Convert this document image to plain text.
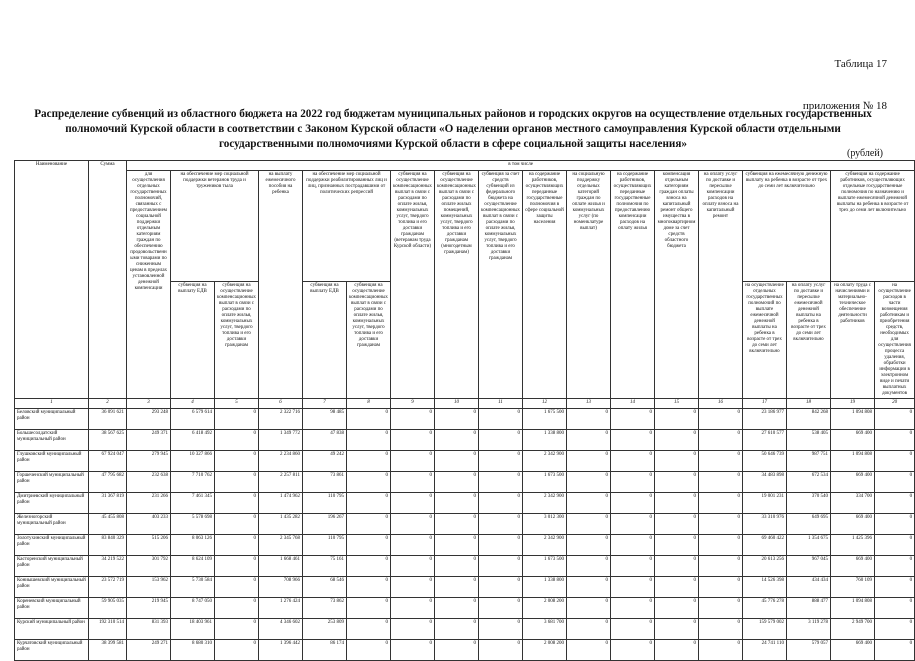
Таблица 17
приложения № 18
Распределение субвенций из областного бюджета на 2022 год бюджетам муниципальных районов и городских округов на осуществление отдельных государственных полномочий Курской области в соответствии с Законом Курской области «О наделении органов местного самоуправления Курской области отдельными государственными полномочиями Курской области в сфере социальной защиты населения»
(рублей)
Наименование	Сумма	в том числе																	
		для осуществления отдельных государственных полномочий, связанных с предоставлением социальной поддержки отдельным категориям граждан по обеспечению продовольственными товарами по сниженным ценам в пределах установленной денежной компенсации	на обеспечение мер социальной поддержки ветеранов труда и тружеников тыла		на выплату ежемесячного пособия на ребенка	на обеспечение мер социальной поддержки реабилитированных лиц и лиц, признанных пострадавшими от политических репрессий		субвенция на осуществление компенсационных выплат в связи с расходами по оплате жилья, коммунальных услуг, твердого топлива и его доставки гражданам (ветеранам труда Курской области)	субвенция на осуществление компенсационных выплат в связи с расходами по оплате жилых помещений, коммунальных услуг, твердого топлива и его доставки гражданам (многодетным гражданам)	субвенция за счет средств субвенций из федерального бюджета на осуществление компенсационных выплат в связи с расходами по оплате жилья, коммунальных услуг, твердого топлива и его доставки гражданам	на содержание работников, осуществляющих переданные государственные полномочия в сфере социальной защиты населения	на социальную поддержку отдельных категорий граждан по оплате жилья и коммунальных услуг (по номенклатуре выплат)	на содержание работников, осуществляющих переданные государственные полномочия по предоставлению компенсации расходов на оплату жилья	компенсация отдельным категориям граждан оплаты взноса на капитальный ремонт общего имущества в многоквартирном доме за счет средств областного бюджета	на оплату услуг по доставке и пересылке компенсации расходов на оплату взноса на капитальный ремонт	субвенция на ежемесячную денежную выплату на ребенка в возрасте от трех до семи лет включительно		субвенция на содержание работников, осуществляющих отдельные государственные полномочия по назначению и выплате ежемесячной денежной выплаты на ребенка в возрасте от трех до семи лет включительно	
			субвенция на выплату ЕДВ	субвенция на осуществление компенсационных выплат в связи с расходами по оплате жилья, коммунальных услуг, твердого топлива и его доставки гражданам		субвенция на выплату ЕДВ	субвенция на осуществление компенсационных выплат в связи с расходами по оплате жилья, коммунальных услуг, твердого топлива и его доставки гражданам									на осуществление отдельных государственных полномочий по выплате ежемесячной денежной выплаты на ребенка в возрасте от трех до семи лет включительно	на оплату услуг по доставке и пересылке ежемесячной денежной выплаты на ребенка в возрасте от трех до семи лет включительно	на оплату труда с начислениями и материально-техническое обеспечение деятельности работников	на осуществление расходов в части возмещения работникам и приобретения средств, необходимых для осуществления процесса удаления, обработки информации в электронном виде и печати выплатных документов
1	2	3	4	5	6	7	8	9	10	11	12	13	14	15	16	17	18	19	20
Беловский муниципальный район	36 091 621	293 248	6 579 614	0	2 322 716	98 485	0	0	0	0	1 675 500	0	0	0	0	23 186 977	842 268	1 094 808	0
Большесолдатский муниципальный район	38 567 625	249 371	6 418 492	0	1 349 772	47 838	0	0	0	0	1 338 800	0	0	0	0	27 610 577	538 405	669 400	0
Глушковский муниципальный район	67 924 047	279 945	10 327 866	0	2 234 860	49 242	0	0	0	0	2 342 900	0	0	0	0	50 646 739	987 751	1 094 808	0
Горшеченский муниципальный район	47 795 682	232 638	7 710 762	0	2 257 811	73 861	0	0	0	0	1 673 500	0	0	0	0	34 483 898	672 534	669 400	0
Дмитриевский муниципальный район	31 367 819	231 266	7 461 345	0	1 474 962	110 795	0	0	0	0	2 342 900	0	0	0	0	19 001 231	370 540	334 700	0
Железногорский муниципальный район	45 455 808	403 233	5 578 698	0	1 435 282	196 267	0	0	0	0	3 012 300	0	0	0	0	33 310 976	649 695	669 400	0
Золотухинский муниципальный район	83 840 329	515 206	8 063 126	0	2 345 768	110 795	0	0	0	0	2 342 900	0	0	0	0	69 460 422	1 354 675	1 425 396	0
Касторенский муниципальный район	34 219 522	301 792	8 624 109	0	1 668 461	75 161	0	0	0	0	1 673 500	0	0	0	0	20 613 256	967 045	669 400	0
Кониышевский муниципальный район	23 572 719	153 962	5 730 584	0	708 966	68 546	0	0	0	0	1 338 800	0	0	0	0	14 526 398	434 434	760 109	0
Кореневский муниципальный район	59 905 035	219 945	8 747 050	0	1 276 424	73 862	0	0	0	0	2 008 200	0	0	0	0	45 776 278	888 477	1 094 808	0
Курский муниципальный район	192 310 514	831 393	18 403 961	0	4 346 602	253 809	0	0	0	0	3 681 700	0	0	0	0	159 579 002	3 119 278	2 949 700	0
Курчатовский муниципальный район	38 399 581	249 271	8 680 310	0	1 396 442	86 174	0	0	0	0	2 008 200	0	0	0	0	24 741 110	579 057	669 400	0
